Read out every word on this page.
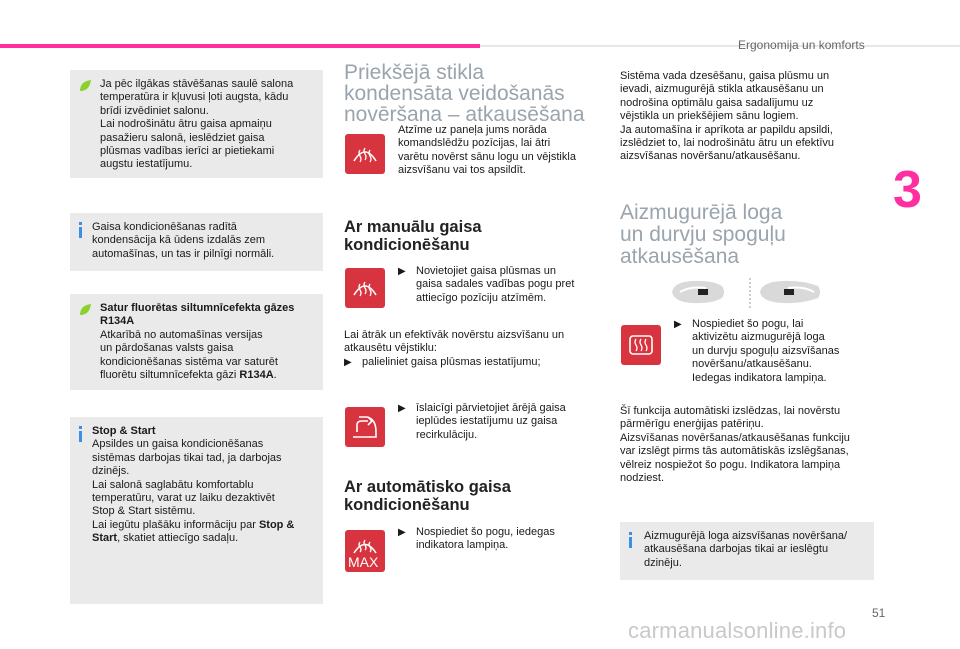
Ergonomija un komforts
3
Ja pēc ilgākas stāvēšanas saulē salona
temperatūra ir kļuvusi ļoti augsta, kādu
brīdi izvēdiniet salonu.
Lai nodrošinātu ātru gaisa apmaiņu
pasažieru salonā, ieslēdziet gaisa
plūsmas vadības ierīci ar pietiekami
augstu iestatījumu.
Gaisa kondicionēšanas radītā
kondensācija kā ūdens izdalās zem
automašīnas, un tas ir pilnīgi normāli.
Satur fluorētas siltumnīcefekta gāzes
R134A
Atkarībā no automašīnas versijas
un pārdošanas valsts gaisa
kondicionēšanas sistēma var saturēt
fluorētu siltumnīcefekta gāzi R134A.
Stop & Start
Apsildes un gaisa kondicionēšanas
sistēmas darbojas tikai tad, ja darbojas
dzinējs.
Lai salonā saglabātu komfortablu
temperatūru, varat uz laiku dezaktivēt
Stop & Start sistēmu.
Lai iegūtu plašāku informāciju par Stop &
Start, skatiet attiecīgo sadaļu.
Priekšējā stikla
kondensāta veidošanās
novēršana – atkausēšana
Atzīme uz paneļa jums norāda
komandslēdžu pozīcijas, lai ātri
varētu novērst sānu logu un vējstikla
aizsvīšanu vai tos apsildīt.
Ar manuālu gaisa
kondicionēšanu
▶ Novietojiet gaisa plūsmas un
gaisa sadales vadības pogu pret
attiecīgo pozīciju atzīmēm.
Lai ātrāk un efektīvāk novērstu aizsvīšanu un
atkausētu vējstiklu:
▶ palieliniet gaisa plūsmas iestatījumu;
▶ īslaicīgi pārvietojiet ārējā gaisa
ieplūdes iestatījumu uz gaisa
recirkulāciju.
Ar automātisko gaisa
kondicionēšanu
MAX
▶ Nospiediet šo pogu, iedegas
indikatora lampiņa.
Sistēma vada dzesēšanu, gaisa plūsmu un
ievadi, aizmugurējā stikla atkausēšanu un
nodrošina optimālu gaisa sadalījumu uz
vējstikla un priekšējiem sānu logiem.
Ja automašīna ir aprīkota ar papildu apsildi,
izslēdziet to, lai nodrošinātu ātru un efektīvu
aizsvīšanas novēršanu/atkausēšanu.
Aizmugurējā loga
un durvju spoguļu
atkausēšana
▶ Nospiediet šo pogu, lai
aktivizētu aizmugurējā loga
un durvju spoguļu aizsvīšanas
novēršanu/atkausēšanu.
Iedegas indikatora lampiņa.
Šī funkcija automātiski izslēdzas, lai novērstu
pārmērīgu enerģijas patēriņu.
Aizsvīšanas novēršanas/atkausēšanas funkciju
var izslēgt pirms tās automātiskās izslēgšanas,
vēlreiz nospiežot šo pogu. Indikatora lampiņa
nodziest.
Aizmugurējā loga aizsvīšanas novēršana/
atkausēšana darbojas tikai ar ieslēgtu
dzinēju.
51
carmanualsonline.info
